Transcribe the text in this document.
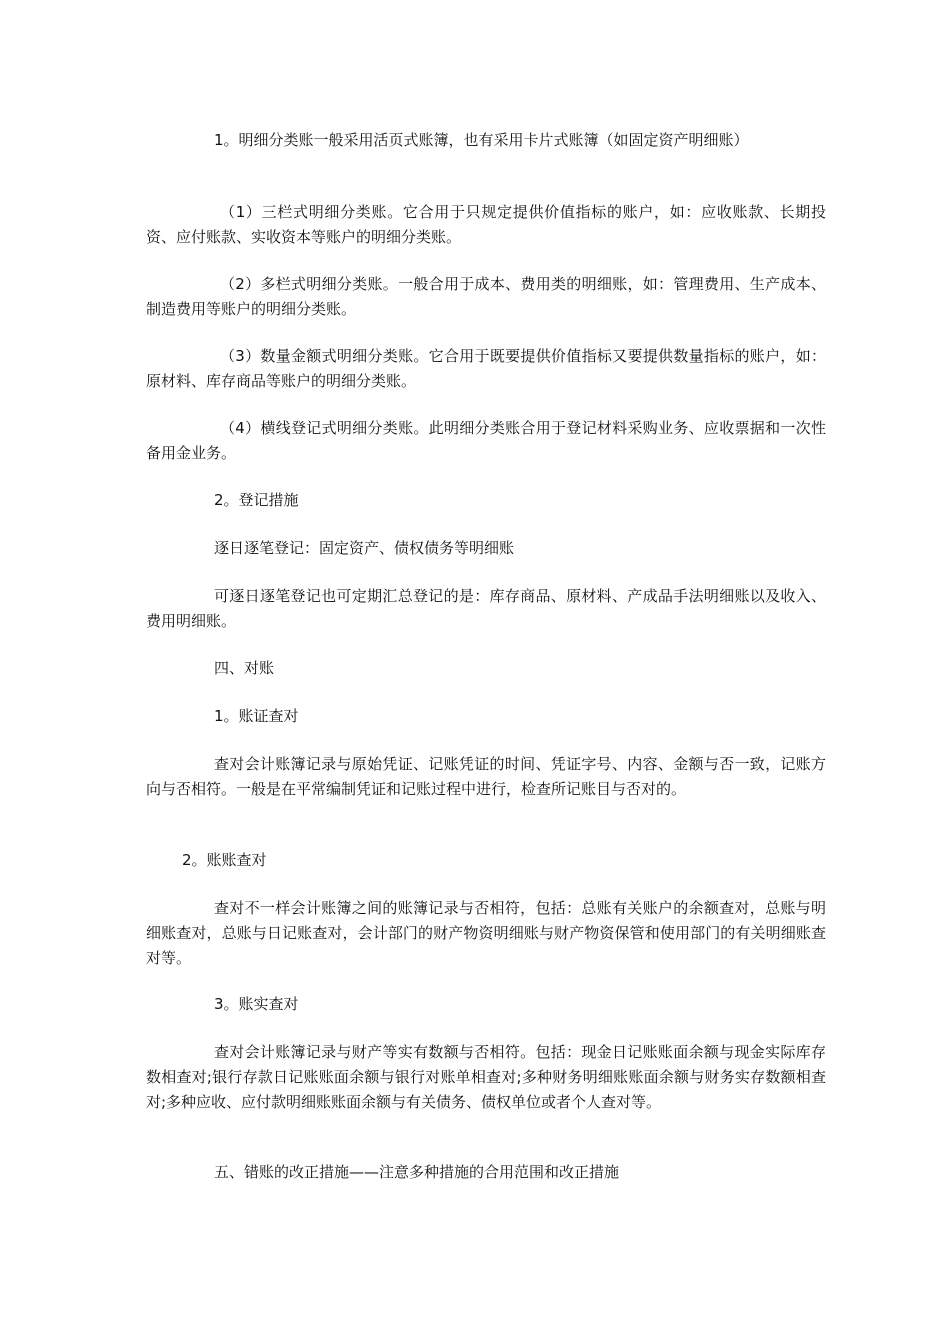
1。明细分类账一般采用活页式账簿，也有采用卡片式账簿（如固定资产明细账）

（1）三栏式明细分类账。它合用于只规定提供价值指标的账户，如：应收账款、长期投资、应付账款、实收资本等账户的明细分类账。

（2）多栏式明细分类账。一般合用于成本、费用类的明细账，如：管理费用、生产成本、制造费用等账户的明细分类账。

（3）数量金额式明细分类账。它合用于既要提供价值指标又要提供数量指标的账户，如：原材料、库存商品等账户的明细分类账。

（4）横线登记式明细分类账。此明细分类账合用于登记材料采购业务、应收票据和一次性备用金业务。

2。登记措施

逐日逐笔登记：固定资产、债权债务等明细账

可逐日逐笔登记也可定期汇总登记的是：库存商品、原材料、产成品手法明细账以及收入、费用明细账。

四、对账

1。账证查对

查对会计账簿记录与原始凭证、记账凭证的时间、凭证字号、内容、金额与否一致，记账方向与否相符。一般是在平常编制凭证和记账过程中进行，检查所记账目与否对的。

2。账账查对

查对不一样会计账簿之间的账簿记录与否相符，包括：总账有关账户的余额查对，总账与明细账查对，总账与日记账查对，会计部门的财产物资明细账与财产物资保管和使用部门的有关明细账查对等。

3。账实查对

查对会计账簿记录与财产等实有数额与否相符。包括：现金日记账账面余额与现金实际库存数相查对;银行存款日记账账面余额与银行对账单相查对;多种财务明细账账面余额与财务实存数额相查对;多种应收、应付款明细账账面余额与有关债务、债权单位或者个人查对等。

五、错账的改正措施——注意多种措施的合用范围和改正措施
